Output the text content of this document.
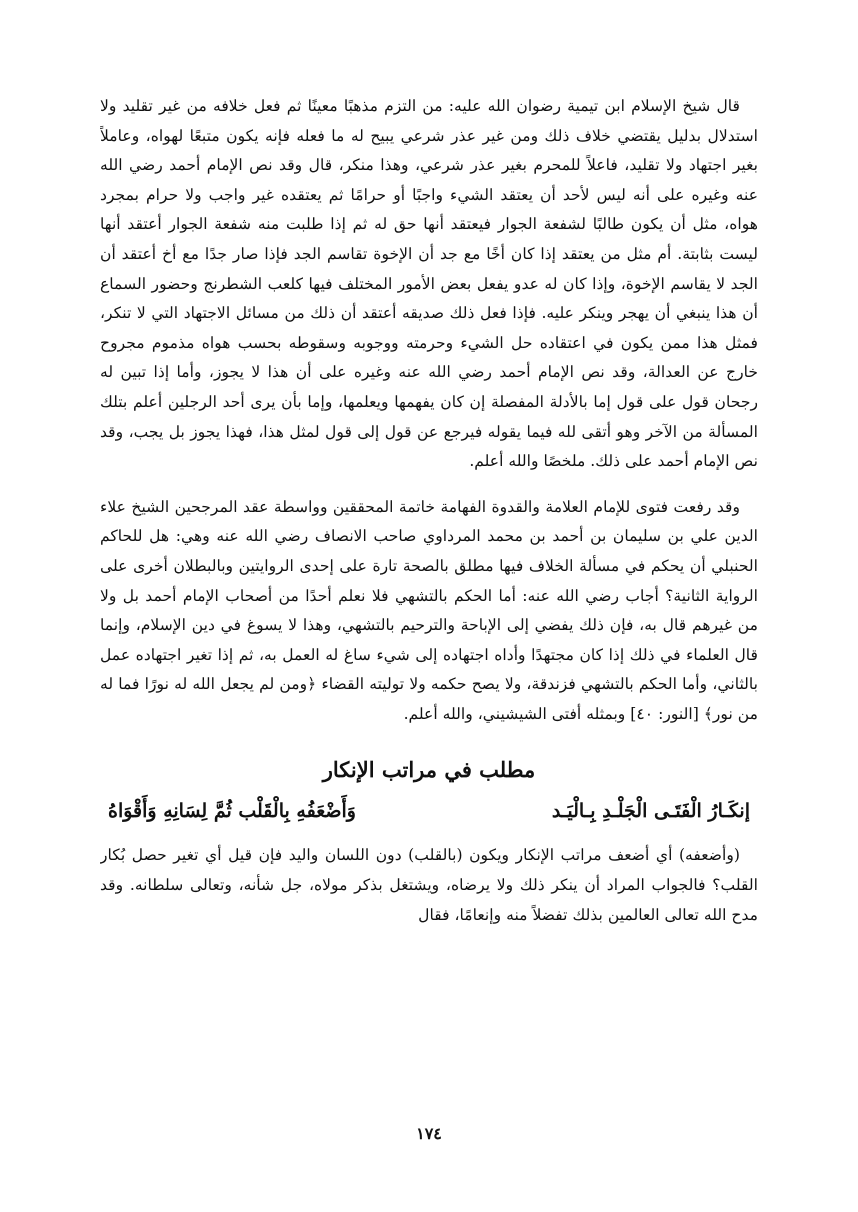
قال شيخ الإسلام ابن تيمية رضوان الله عليه: من التزم مذهبًا معينًا ثم فعل خلافه من غير تقليد ولا استدلال بدليل يقتضي خلاف ذلك ومن غير عذر شرعي يبيح له ما فعله فإنه يكون متبعًا لهواه، وعاملاً بغير اجتهاد ولا تقليد، فاعلاً للمحرم بغير عذر شرعي، وهذا منكر، قال وقد نص الإمام أحمد رضي الله عنه وغيره على أنه ليس لأحد أن يعتقد الشيء واجبًا أو حرامًا ثم يعتقده غير واجب ولا حرام بمجرد هواه، مثل أن يكون طالبًا لشفعة الجوار فيعتقد أنها حق له ثم إذا طلبت منه شفعة الجوار أعتقد أنها ليست بثابتة. أم مثل من يعتقد إذا كان أخًا مع جد أن الإخوة تقاسم الجد فإذا صار جدًا مع أخ أعتقد أن الجد لا يقاسم الإخوة، وإذا كان له عدو يفعل بعض الأمور المختلف فيها كلعب الشطرنج وحضور السماع أن هذا ينبغي أن يهجر وينكر عليه. فإذا فعل ذلك صديقه أعتقد أن ذلك من مسائل الاجتهاد التي لا تنكر، فمثل هذا ممن يكون في اعتقاده حل الشيء وحرمته ووجوبه وسقوطه بحسب هواه مذموم مجروح خارج عن العدالة، وقد نص الإمام أحمد رضي الله عنه وغيره على أن هذا لا يجوز، وأما إذا تبين له رجحان قول على قول إما بالأدلة المفصلة إن كان يفهمها ويعلمها، وإما بأن يرى أحد الرجلين أعلم بتلك المسألة من الآخر وهو أتقى لله فيما يقوله فيرجع عن قول إلى قول لمثل هذا، فهذا يجوز بل يجب، وقد نص الإمام أحمد على ذلك. ملخصًا والله أعلم.

وقد رفعت فتوى للإمام العلامة والقدوة الفهامة خاتمة المحققين وواسطة عقد المرجحين الشيخ علاء الدين علي بن سليمان بن أحمد بن محمد المرداوي صاحب الانصاف رضي الله عنه وهي: هل للحاكم الحنبلي أن يحكم في مسألة الخلاف فيها مطلق بالصحة تارة على إحدى الروايتين وبالبطلان أخرى على الرواية الثانية؟ أجاب رضي الله عنه: أما الحكم بالتشهي فلا نعلم أحدًا من أصحاب الإمام أحمد بل ولا من غيرهم قال به، فإن ذلك يفضي إلى الإباحة والترحيم بالتشهي، وهذا لا يسوغ في دين الإسلام، وإنما قال العلماء في ذلك إذا كان مجتهدًا وأداه اجتهاده إلى شيء ساغ له العمل به، ثم إذا تغير اجتهاده عمل بالثاني، وأما الحكم بالتشهي فزندقة، ولا يصح حكمه ولا توليته القضاء ﴿ومن لم يجعل الله له نورًا فما له من نور﴾ [النور: ٤٠] وبمثله أفتى الشيشيني، والله أعلم.

مطلب في مراتب الإنكار
إنكَـارُ الْفَتَـى الْجَلْـدِ بِـالْيَـد
وَأَضْعَفُهِ بِالْقَلْب ثُمَّ لِسَانِهِ وَأَقْوَاهُ

(وأضعفه) أي أضعف مراتب الإنكار ويكون (بالقلب) دون اللسان واليد فإن قيل أي تغير حصل بُكار القلب؟ فالجواب المراد أن ينكر ذلك ولا يرضاه، ويشتغل بذكر مولاه، جل شأنه، وتعالى سلطانه. وقد مدح الله تعالى العالمين بذلك تفضلاً منه وإنعامًا، فقال

١٧٤
